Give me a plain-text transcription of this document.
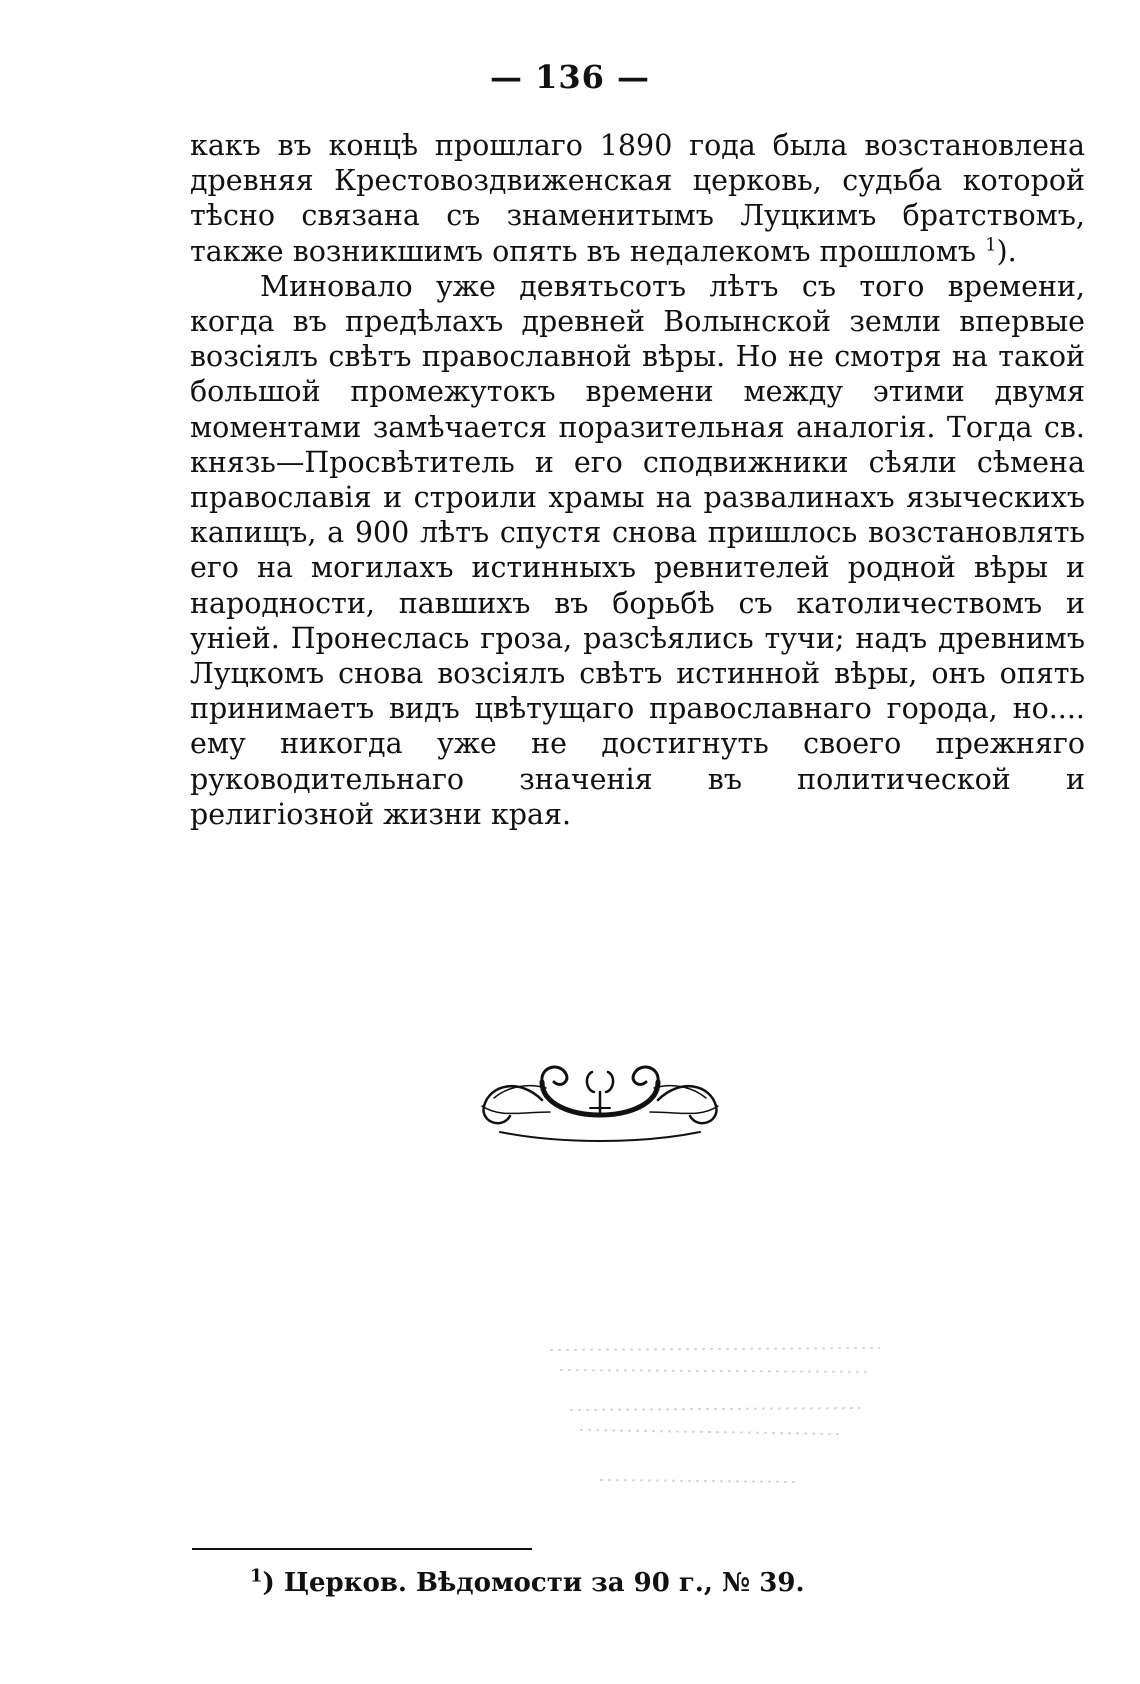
— 136 —

какъ въ концѣ прошлаго 1890 года была возстановлена древняя Крестовоздвиженская церковь, судьба которой тѣсно связана съ знаменитымъ Луцкимъ братствомъ, также возникшимъ опять въ недалекомъ прошломъ $^1$).

Миновало уже девятьсотъ лѣтъ съ того времени, когда въ предѣлахъ древней Волынской земли впервые возсіялъ свѣтъ православной вѣры. Но не смотря на такой большой промежутокъ времени между этими двумя моментами замѣчается поразительная аналогія. Тогда св. князь—Просвѣтитель и его сподвижники сѣяли сѣмена православія и строили храмы на развалинахъ языческихъ капищъ, а 900 лѣтъ спустя снова пришлось возстановлять его на могилахъ истинныхъ ревнителей родной вѣры и народности, павшихъ въ борьбѣ съ католичествомъ и уніей. Пронеслась гроза, разсѣялись тучи; надъ древнимъ Луцкомъ снова возсіялъ свѣтъ истинной вѣры, онъ опять принимаетъ видъ цвѣтущаго православнаго города, но.... ему никогда уже не достигнуть своего прежняго руководительнаго значенія въ политической и религіозной жизни края.

$^1$) Церков. Вѣдомости за 90 г., № 39.
